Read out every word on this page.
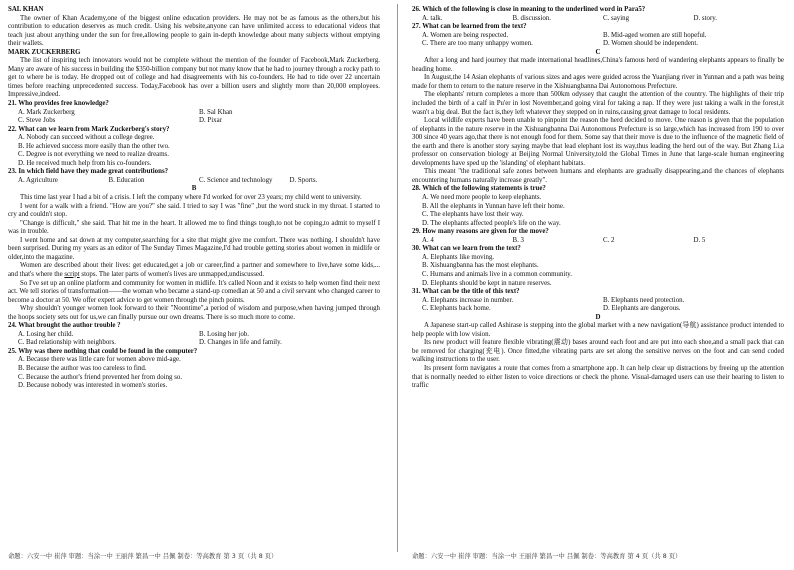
SAL KHAN

The owner of Khan Academy,one of the biggest online education providers. He may not be as famous as the others,but his contribution to education deserves as much credit. Using his website,anyone can have unlimited access to educational videos that teach just about anything under the sun for free,allowing people to gain in-depth knowledge about many subjects without emptying their wallets.

MARK ZUCKERBERG

The list of inspiring tech innovators would not be complete without the mention of the founder of Facebook,Mark Zuckerberg. Many are aware of his success in building the $350-billion company but not many know that he had to journey through a rocky path to get to where he is today. He dropped out of college and had disagreements with his co-founders. He had to tide over 22 uncertain times before reaching unprecedented success. Today,Facebook has over a billion users and slightly more than 20,000 employees. Impressive,indeed.

21. Who provides free knowledge?
A. Mark Zuckerberg	B. Sal Khan
C. Steve Jobs	D. Pixar
22. What can we learn from Mark Zuckerberg's story?
A. Nobody can succeed without a college degree.
B. He achieved success more easily than the other two.
C. Degree is not everything we need to realize dreams.
D. He received much help from his co-founders.
23. In which field have they made great contributions?
A. Agriculture	B. Education	C. Science and technology	D. Sports.
B

This time last year I had a bit of a crisis. I left the company where I'd worked for over 23 years; my child went to university.

I went for a walk with a friend. "How are you?" she said. I tried to say I was "fine" ,but the word stuck in my throat. I started to cry and couldn't stop.

"Change is difficult," she said. That hit me in the heart. It allowed me to find things tough,to not be coping,to admit to myself I was in trouble.

I went home and sat down at my computer,searching for a site that might give me comfort. There was nothing. I shouldn't have been surprised. During my years as an editor of The Sunday Times Magazine,I'd had trouble getting stories about women in midlife or older,into the magazine.

Women are described about their lives: get educated,get a job or career,find a partner and somewhere to live,have some kids,... and that's where the script stops. The later parts of women's lives are unmapped,undiscussed.

So I've set up an online platform and community for women in midlife. It's called Noon and it exists to help women find their next act. We tell stories of transformation——the woman who became a stand-up comedian at 50 and a civil servant who changed career to become a doctor at 50. We offer expert advice to get women through the pinch points.

Why shouldn't younger women look forward to their "Noontime",a period of wisdom and purpose,when having jumped through the hoops society sets out for us,we can finally pursue our own dreams. There is so much more to come.

24. What brought the author trouble ?
A. Losing her child.	B. Losing her job.
C. Bad relationship with neighbors.	D. Changes in life and family.
25. Why was there nothing that could be found in the computer?
A. Because there was little care for women above mid-age.
B. Because the author was too careless to find.
C. Because the author's friend prevented her from doing so.
D. Because nobody was interested in women's stories.
26. Which of the following is close in meaning to the underlined word in Para5?
A. talk.	B. discussion.	C. saying	D. story.
27. What can be learned from the text?
A. Women are being respected.	B. Mid-aged women are still hopeful.
C. There are too many unhappy women.	D. Women should be independent.
C

After a long and hard journey that made international headlines,China's famous herd of wandering elephants appears to finally be heading home.

In August,the 14 Asian elephants of various sizes and ages were guided across the Yuanjiang river in Yunnan and a path was being made for them to return to the nature reserve in the Xishuangbanna Dai Autonomous Prefecture.

The elephants' return completes a more than 500km odyssey that caught the attention of the country. The highlights of their trip included the birth of a calf in Pu'er in lost November,and going viral for taking a nap. If they were just taking a walk in the forest,it wasn't a big deal. But the fact is,they left whatever they stepped on in ruins,causing great damage to local residents.

Local wildlife experts have been unable to pinpoint the reason the herd decided to move. One reason is given that the population of elephants in the nature reserve in the Xishuangbanna Dai Autonomous Prefecture is so large,which has increased from 190 to over 300 since 40 years ago,that there is not enough food for them. Some say that their move is due to the influence of the magnetic field of the earth and there is another story saying maybe that lead elephant lost its way,thus leading the herd out of the way. But Zhang Li,a professor on conservation biology at Beijing Normal University,told the Global Times in June that large-scale human engineering developments have sped up the 'islanding' of elephant habitats.

This meant "the traditional safe zones between humans and elephants are gradually disappearing,and the chances of elephants encountering humans naturally increase greatly".

28. Which of the following statements is true?
A. We need more people to keep elephants.
B. All the elephants in Yunnan have left their home.
C. The elephants have lost their way.
D. The elephants affected people's life on the way.
29. How many reasons are given for the move?
A. 4	B. 3	C. 2	D. 5
30. What can we learn from the text?
A. Elephants like moving.
B. Xishuangbanna has the most elephants.
C. Humans and animals live in a common community.
D. Elephants should be kept in nature reserves.
31. What can be the title of this text?
A. Elephants increase in number.	B. Elephants need protection.
C. Elephants back home.	D. Elephants are dangerous.
D

A Japanese start-up called Ashirase is stepping into the global market with a new navigation(导航) assistance product intended to help people with low vision.

Its new product will feature flexible vibrating(震动) bases around each foot and are put into each shoe,and a small pack that can be removed for charging(充电). Once fitted,the vibrating parts are set along the sensitive nerves on the foot and can send coded walking instructions to the user.

Its present form navigates a route that comes from a smartphone app. It can help clear up distractions by freeing up the attention that is normally needed to either listen to voice directions or check the phone. Visual-damaged users can use their hearing to listen to traffic

命题：六安一中 崔萍 审题：当涂一中 王丽萍 繁昌一中 吕佩 制卷：等高教育 第 3 页（共 8 页）	命题：六安一中 崔萍 审题：当涂一中 王丽萍 繁昌一中 吕佩 制卷：等高教育 第 4 页（共 8 页）
